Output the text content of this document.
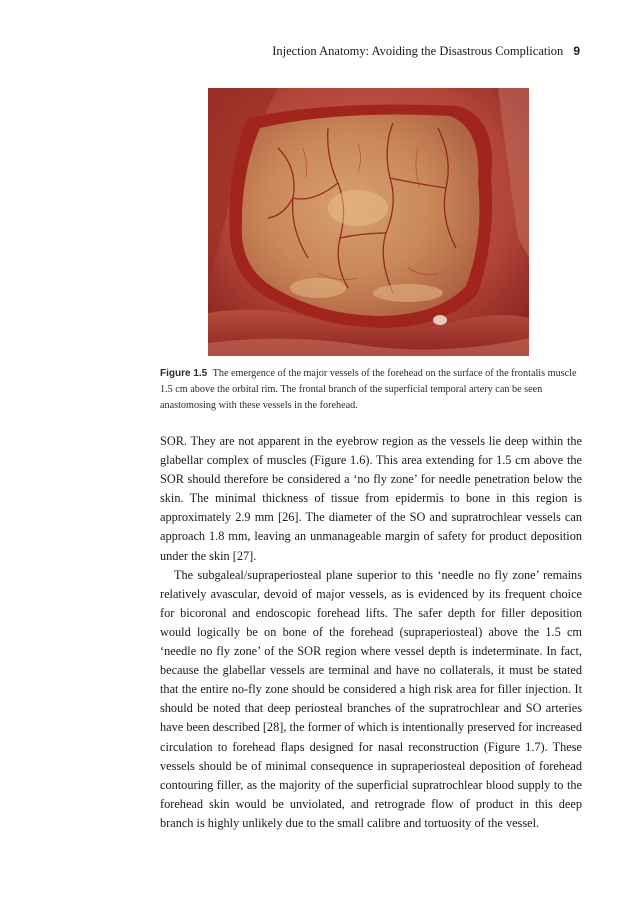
Injection Anatomy: Avoiding the Disastrous Complication 9
Figure 1.5 The emergence of the major vessels of the forehead on the surface of the frontalis muscle 1.5 cm above the orbital rim. The frontal branch of the superficial temporal artery can be seen anastomosing with these vessels in the forehead.

SOR. They are not apparent in the eyebrow region as the vessels lie deep within the glabellar complex of muscles (Figure 1.6). This area extending for 1.5 cm above the SOR should therefore be considered a ‘no fly zone’ for needle penetration below the skin. The minimal thickness of tissue from epidermis to bone in this region is approximately 2.9 mm [26]. The diameter of the SO and supratrochlear vessels can approach 1.8 mm, leaving an unmanageable margin of safety for product deposition under the skin [27].

The subgaleal/supraperiosteal plane superior to this ‘needle no fly zone’ remains relatively avascular, devoid of major vessels, as is evidenced by its frequent choice for bicoronal and endoscopic forehead lifts. The safer depth for filler deposition would logically be on bone of the forehead (supraperiosteal) above the 1.5 cm ‘needle no fly zone’ of the SOR region where vessel depth is indeterminate. In fact, because the glabellar vessels are terminal and have no collaterals, it must be stated that the entire no-fly zone should be considered a high risk area for filler injection. It should be noted that deep periosteal branches of the supratrochlear and SO arteries have been described [28], the former of which is intentionally preserved for increased circulation to forehead flaps designed for nasal reconstruction (Figure 1.7). These vessels should be of minimal consequence in supraperiosteal deposition of forehead contouring filler, as the majority of the superficial supratrochlear blood supply to the forehead skin would be unviolated, and retrograde flow of product in this deep branch is highly unlikely due to the small calibre and tortuosity of the vessel.
